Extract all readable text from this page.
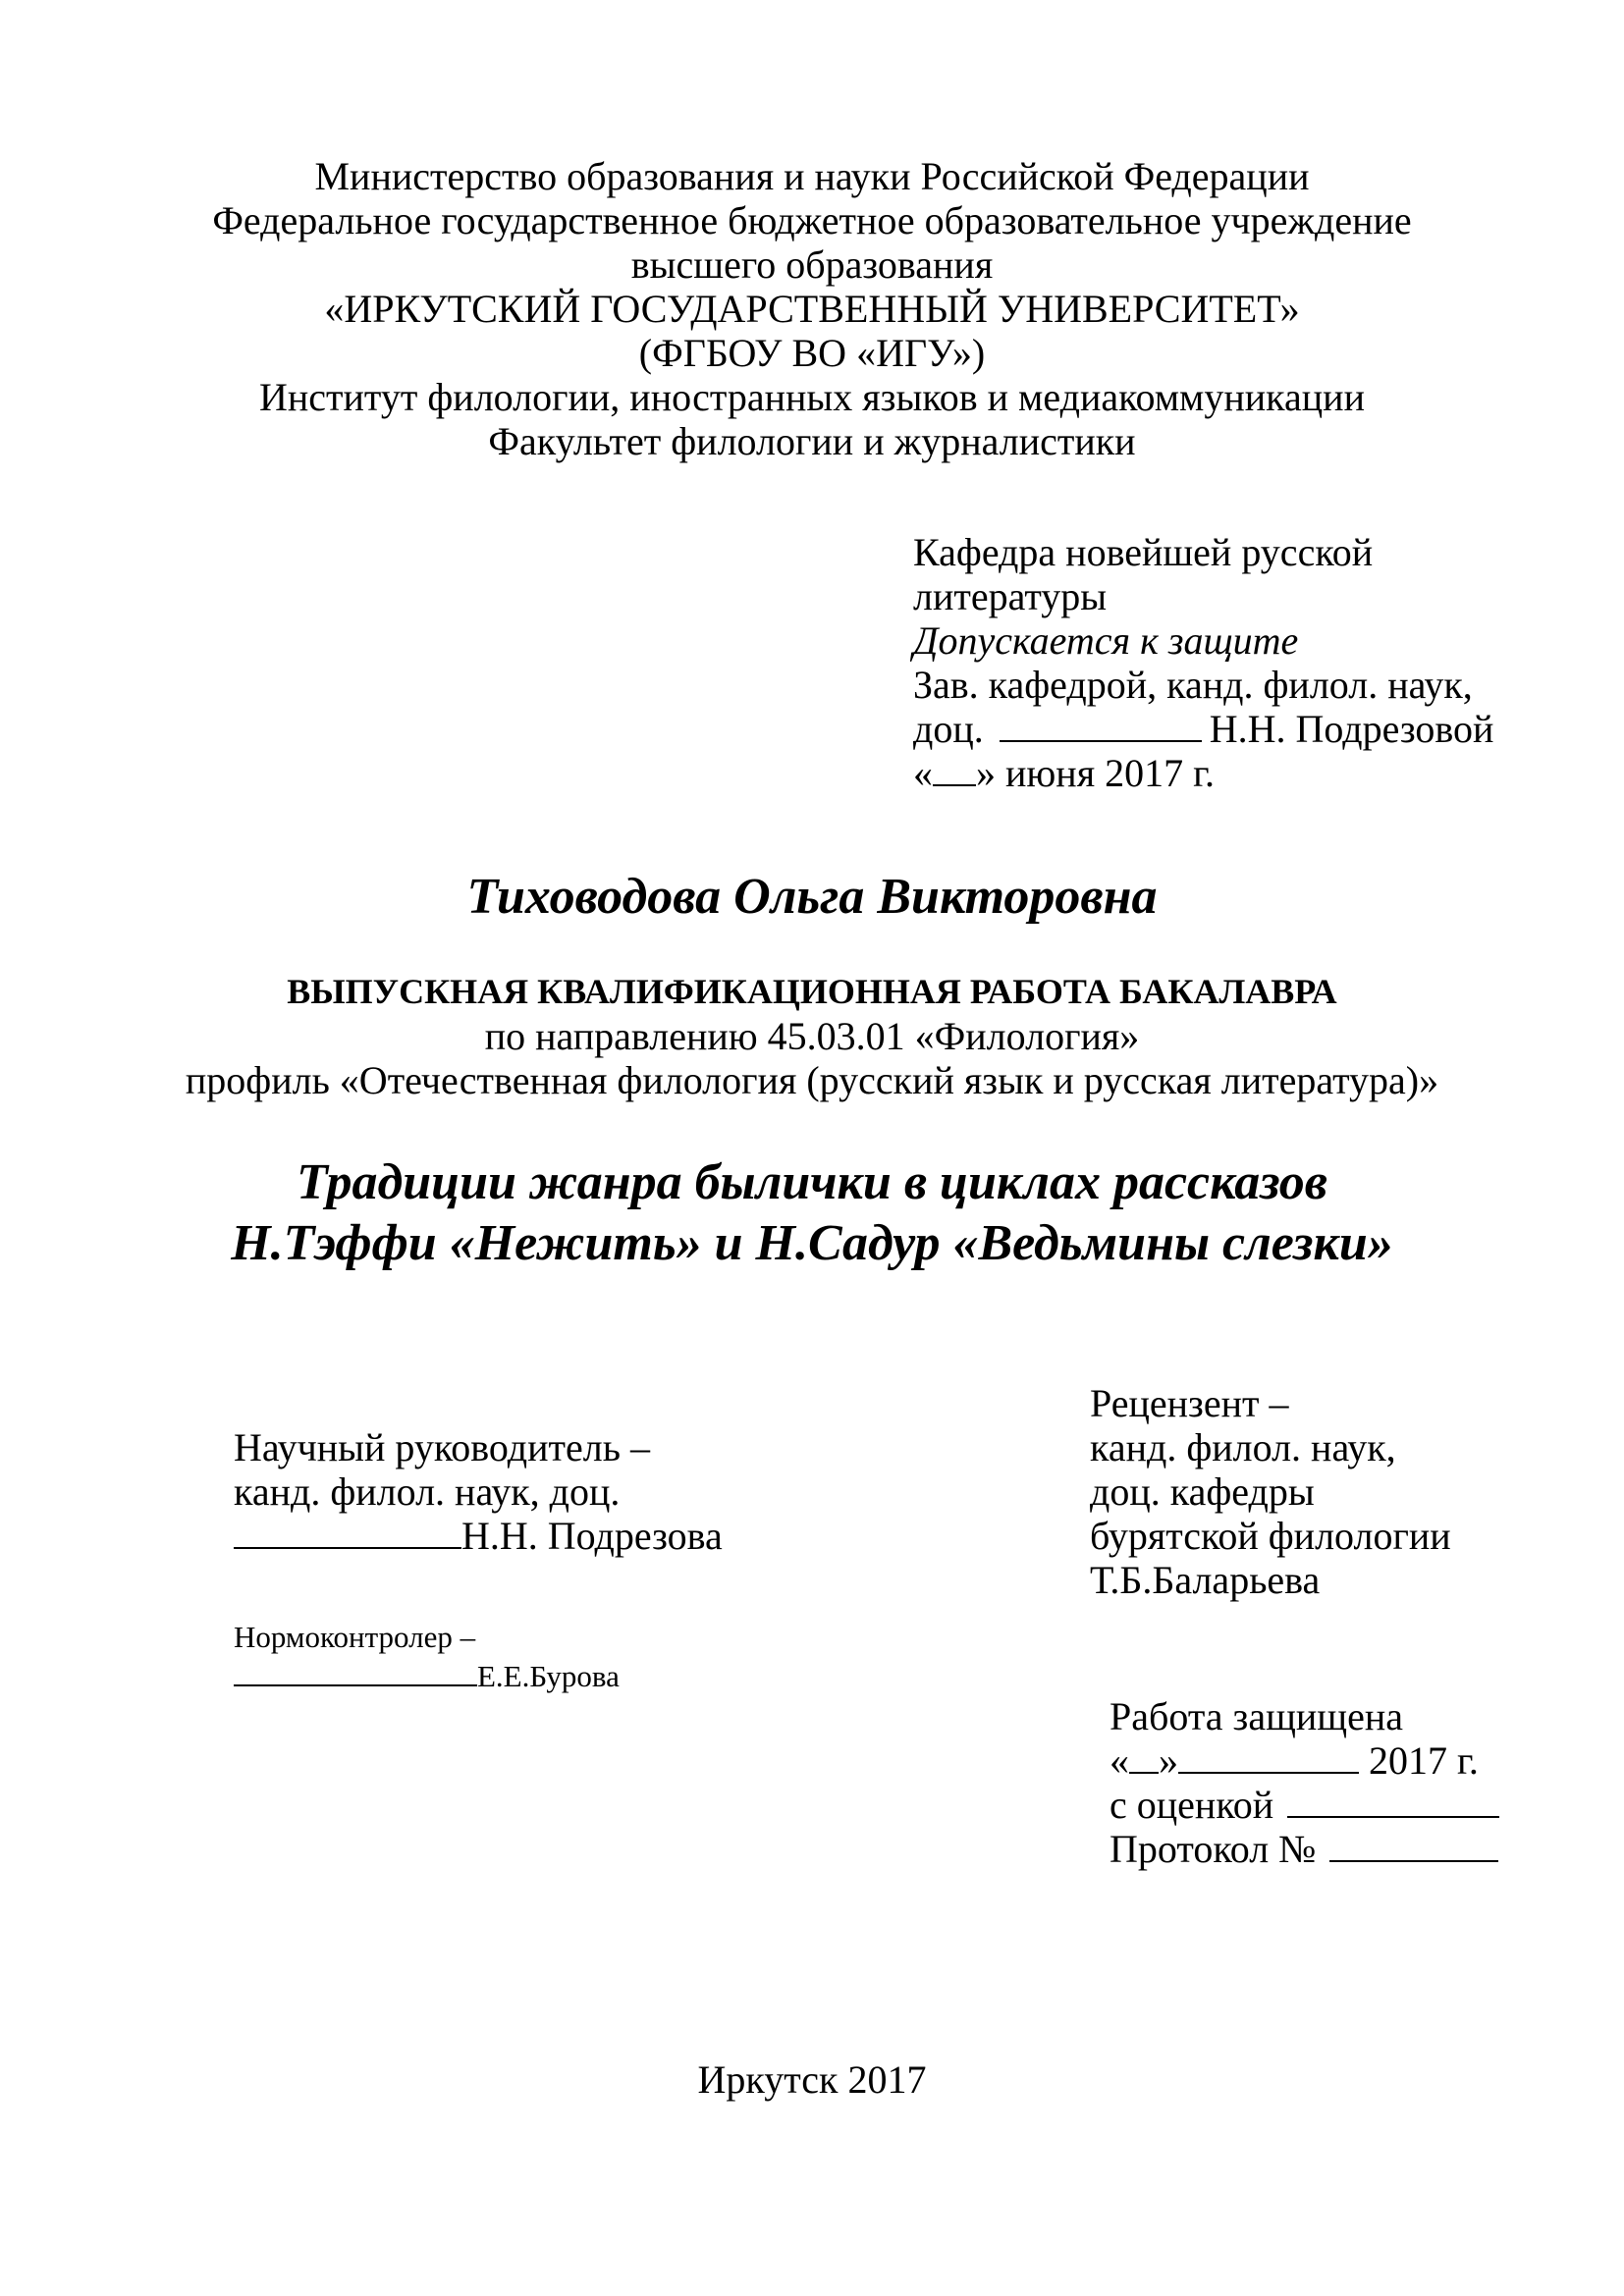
Министерство образования и науки Российской Федерации
Федеральное государственное бюджетное образовательное учреждение
высшего образования
«ИРКУТСКИЙ ГОСУДАРСТВЕННЫЙ УНИВЕРСИТЕТ»
(ФГБОУ ВО «ИГУ»)
Институт филологии, иностранных языков и медиакоммуникации
Факультет филологии и журналистики
Кафедра новейшей русской
литературы
Допускается к защите
Зав. кафедрой, канд. филол. наук,
доц.	Н.Н. Подрезовой
« » июня 2017 г.
Тиховодова Ольга Викторовна
ВЫПУСКНАЯ КВАЛИФИКАЦИОННАЯ РАБОТА БАКАЛАВРА
по направлению 45.03.01 «Филология»
профиль «Отечественная филология (русский язык и русская литература)»
Традиции жанра былички в циклах рассказов
Н.Тэффи «Нежить» и Н.Садур «Ведьмины слезки»
Научный руководитель –
канд. филол. наук, доц.
Н.Н. Подрезова
Рецензент –
канд. филол. наук,
доц. кафедры
бурятской филологии
Т.Б.Баларьева
Нормоконтролер –
Е.Е.Бурова
Работа защищена
« »	2017 г.
с оценкой
Протокол №
Иркутск 2017
